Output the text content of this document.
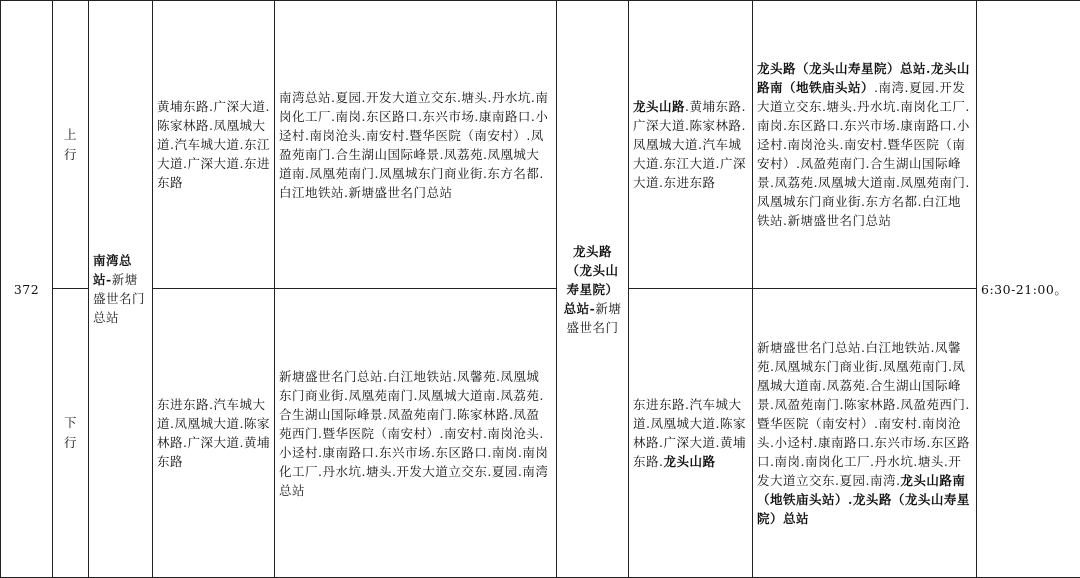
372	上行	南湾总站-新塘盛世名门总站	黄埔东路.广深大道.陈家林路.凤凰城大道.汽车城大道.东江大道.广深大道.东进东路	南湾总站.夏园.开发大道立交东.塘头.丹水坑.南岗化工厂.南岗.东区路口.东兴市场.康南路口.小迳村.南岗沧头.南安村.暨华医院（南安村）.凤盈苑南门.合生湖山国际峰景.凤荔苑.凤凰城大道南.凤凰苑南门.凤凰城东门商业街.东方名都.白江地铁站.新塘盛世名门总站	龙头路（龙头山寿星院）总站-新塘盛世名门	龙头山路.黄埔东路.广深大道.陈家林路.凤凰城大道.汽车城大道.东江大道.广深大道.东进东路	龙头路（龙头山寿星院）总站.龙头山路南（地铁庙头站）.南湾.夏园.开发大道立交东.塘头.丹水坑.南岗化工厂.南岗.东区路口.东兴市场.康南路口.小迳村.南岗沧头.南安村.暨华医院（南安村）.凤盈苑南门.合生湖山国际峰景.凤荔苑.凤凰城大道南.凤凰苑南门.凤凰城东门商业街.东方名都.白江地铁站.新塘盛世名门总站	6:30-21:00。
	下行		东进东路.汽车城大道.凤凰城大道.陈家林路.广深大道.黄埔东路	新塘盛世名门总站.白江地铁站.凤馨苑.凤凰城东门商业街.凤凰苑南门.凤凰城大道南.凤荔苑.合生湖山国际峰景.凤盈苑南门.陈家林路.凤盈苑西门.暨华医院（南安村）.南安村.南岗沧头.小迳村.康南路口.东兴市场.东区路口.南岗.南岗化工厂.丹水坑.塘头.开发大道立交东.夏园.南湾总站		东进东路.汽车城大道.凤凰城大道.陈家林路.广深大道.黄埔东路.龙头山路	新塘盛世名门总站.白江地铁站.凤馨苑.凤凰城东门商业街.凤凰苑南门.凤凰城大道南.凤荔苑.合生湖山国际峰景.凤盈苑南门.陈家林路.凤盈苑西门.暨华医院（南安村）.南安村.南岗沧头.小迳村.康南路口.东兴市场.东区路口.南岗.南岗化工厂.丹水坑.塘头.开发大道立交东.夏园.南湾.龙头山路南（地铁庙头站）.龙头路（龙头山寿星院）总站	
